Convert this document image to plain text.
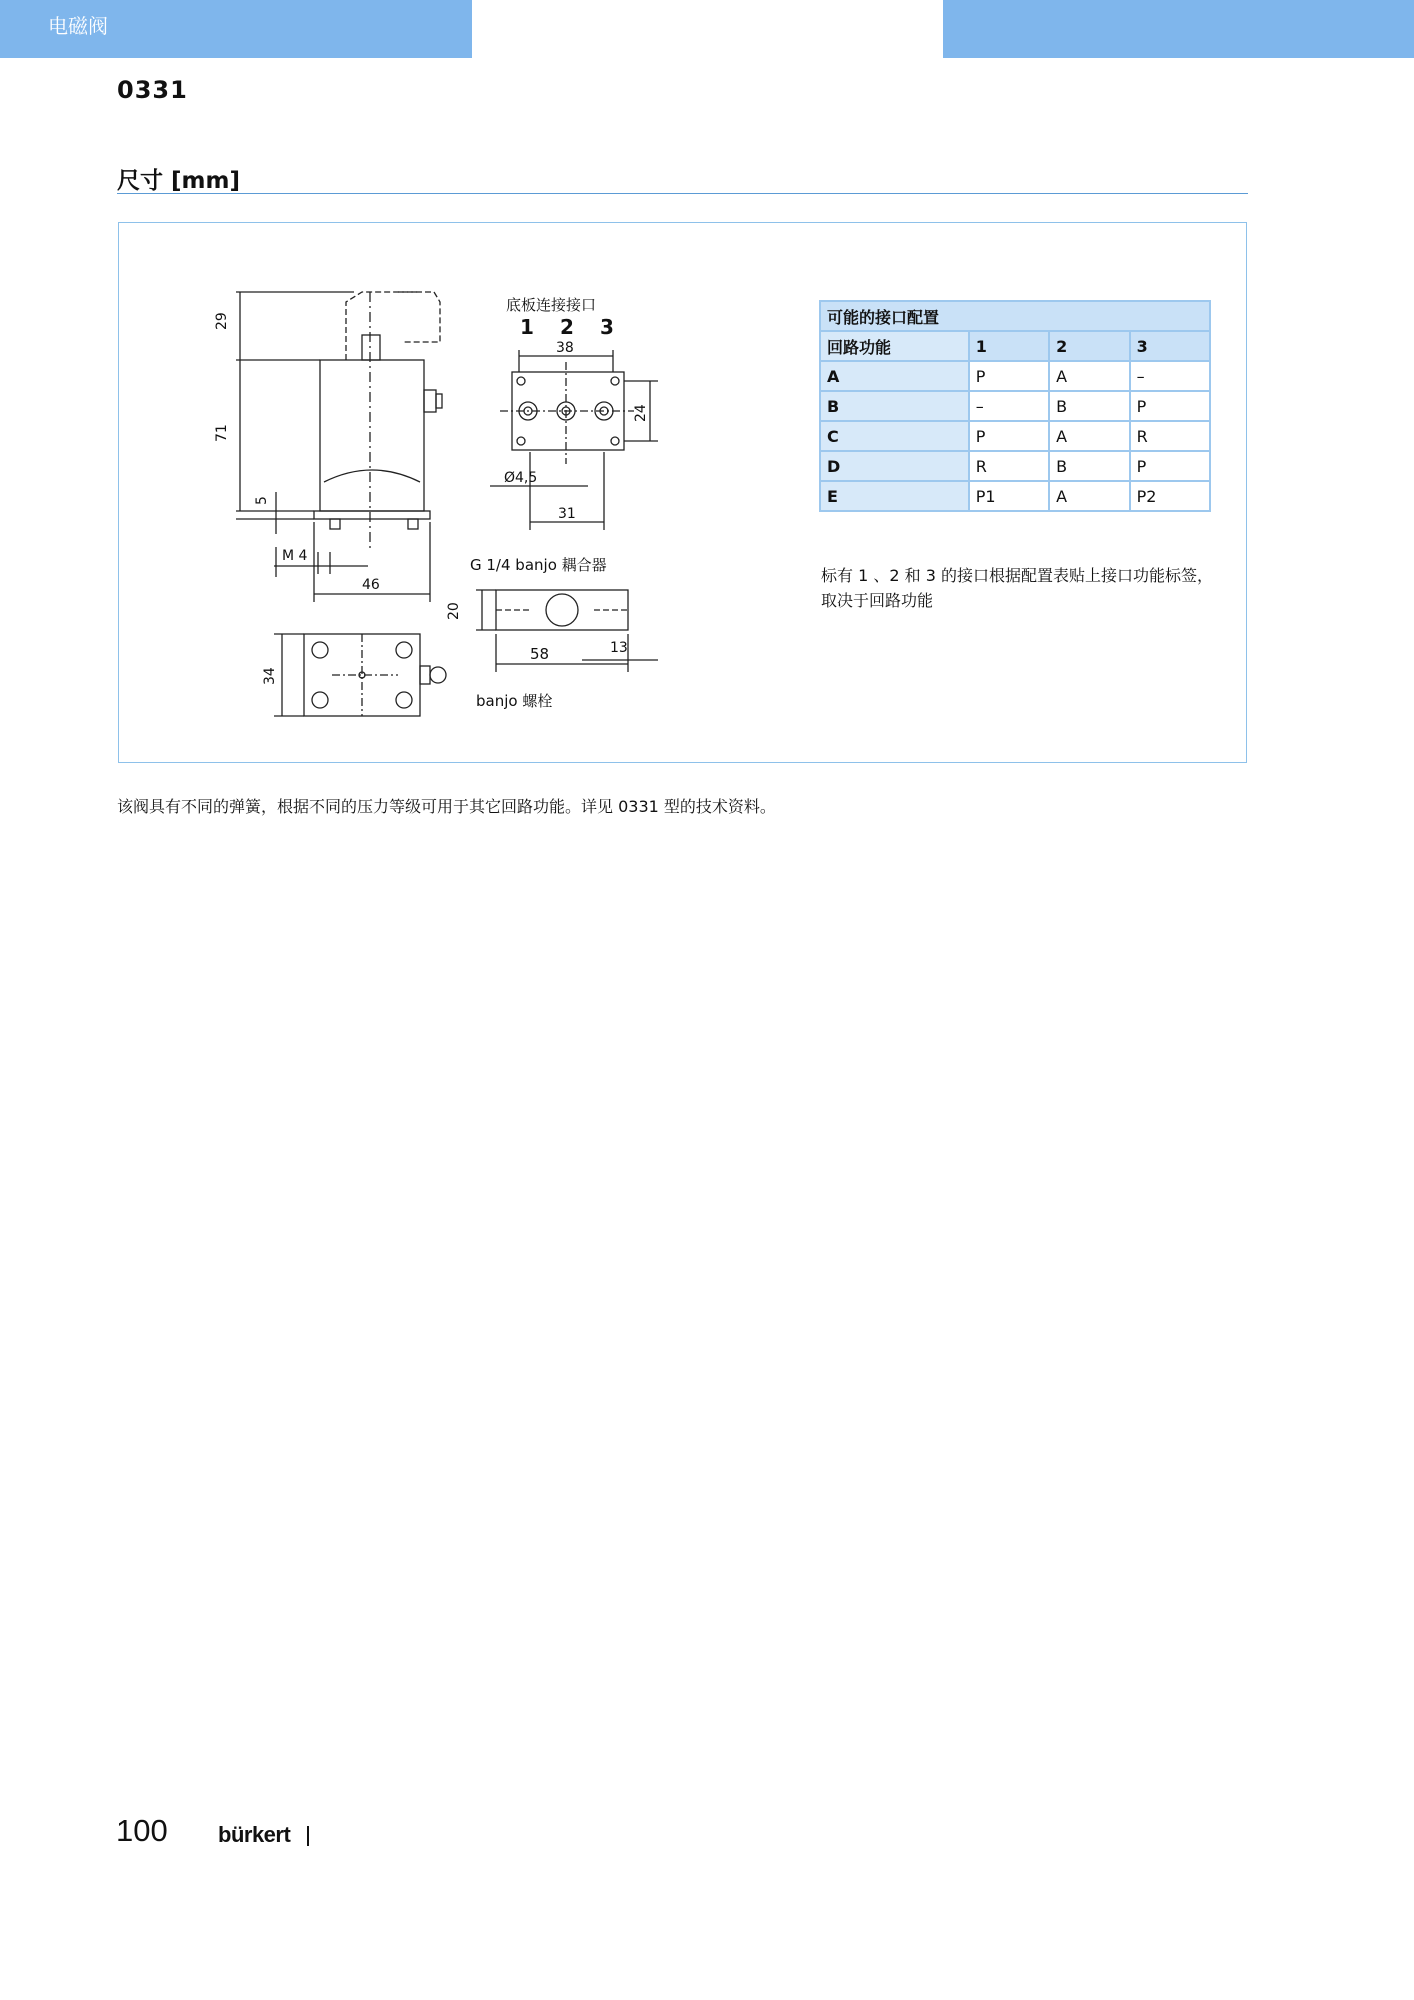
电磁阀
0331
尺寸 [mm]
29
71
5
M 4
46
底板连接接口
1 2 3
38
24
Ø4,5
31
G 1/4 banjo 耦合器
20
58	13
banjo 螺栓
34
可能的接口配置			
回路功能	1	2	3
A	P	A	–
B	–	B	P
C	P	A	R
D	R	B	P
E	P1	A	P2
标有 1 、2 和 3 的接口根据配置表贴上接口功能标签，取决于回路功能
该阀具有不同的弹簧，根据不同的压力等级可用于其它回路功能。详见 0331 型的技术资料。
100 bürkert
